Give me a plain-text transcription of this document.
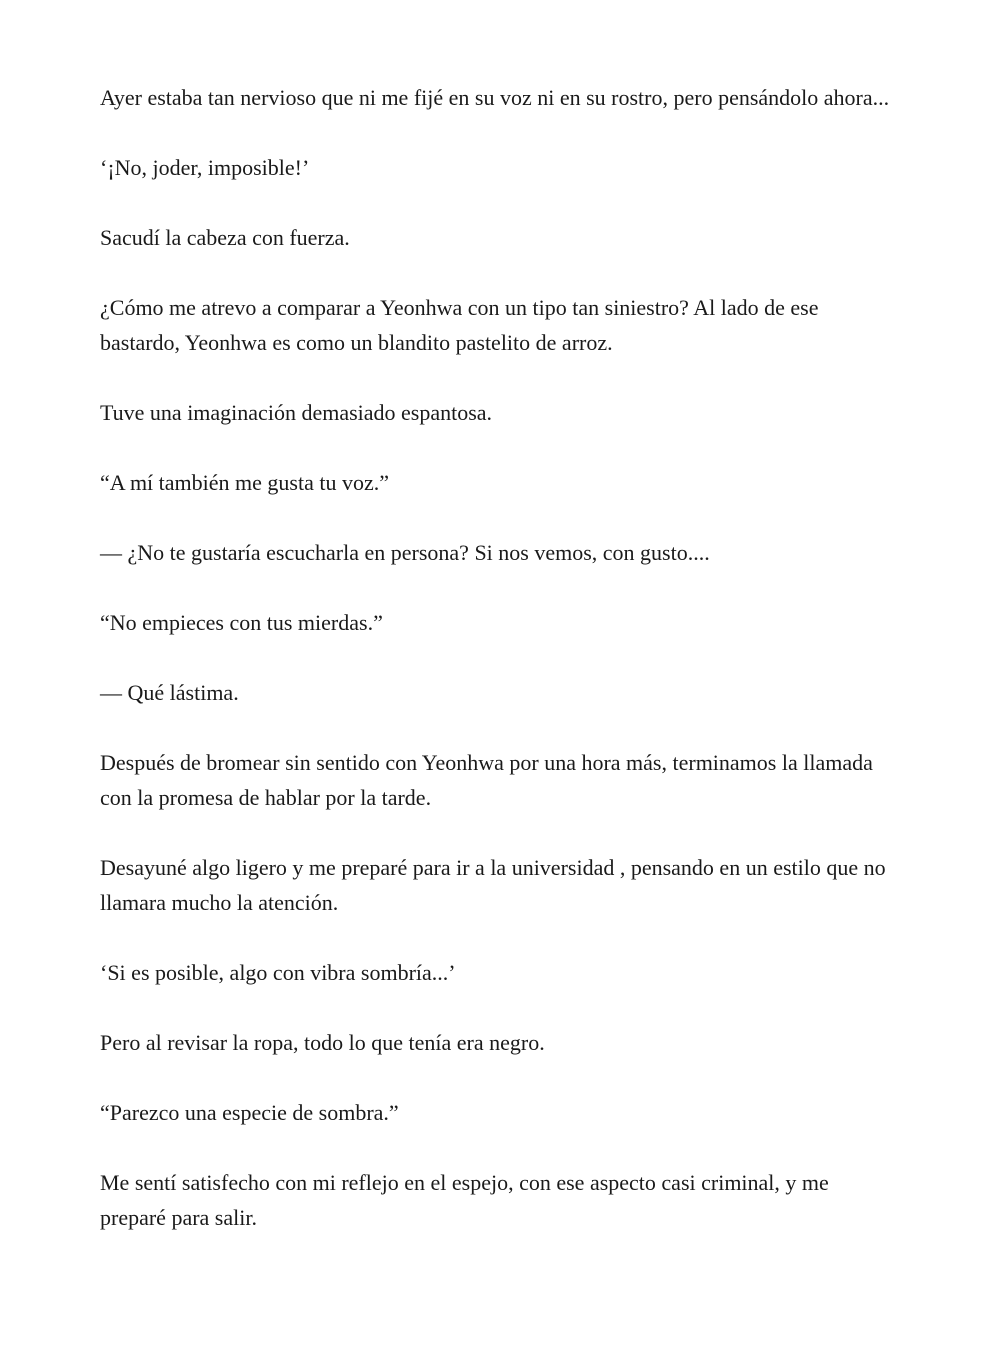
Ayer estaba tan nervioso que ni me fijé en su voz ni en su rostro, pero pensándolo ahora...

‘¡No, joder, imposible!’

Sacudí la cabeza con fuerza.

¿Cómo me atrevo a comparar a Yeonhwa con un tipo tan siniestro? Al lado de ese bastardo, Yeonhwa es como un blandito pastelito de arroz.

Tuve una imaginación demasiado espantosa.

“A mí también me gusta tu voz.”

— ¿No te gustaría escucharla en persona? Si nos vemos, con gusto....

“No empieces con tus mierdas.”

— Qué lástima.

Después de bromear sin sentido con Yeonhwa por una hora más, terminamos la llamada con la promesa de hablar por la tarde.

Desayuné algo ligero y me preparé para ir a la universidad , pensando en un estilo que no llamara mucho la atención.

‘Si es posible, algo con vibra sombría...’

Pero al revisar la ropa, todo lo que tenía era negro.

“Parezco una especie de sombra.”

Me sentí satisfecho con mi reflejo en el espejo, con ese aspecto casi criminal, y me preparé para salir.
